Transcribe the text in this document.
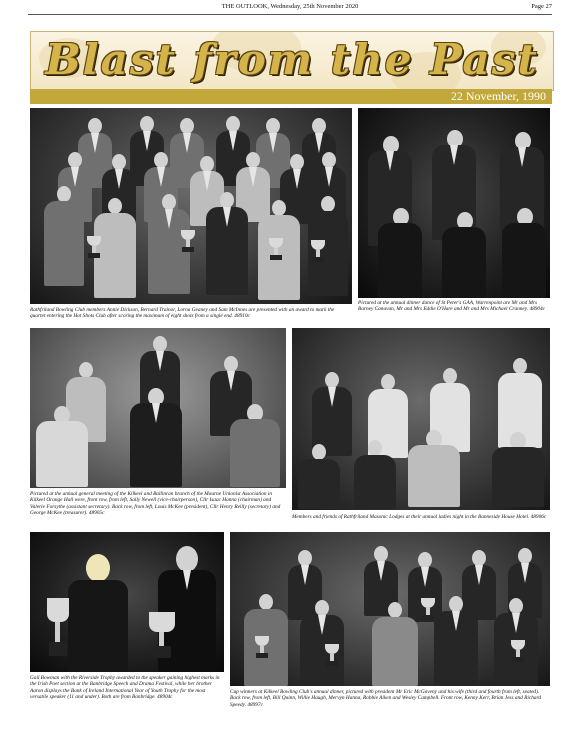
THE OUTLOOK, Wednesday, 25th November 2020	Page 27
Blast from the Past
22 November, 1990

Rathfriland Bowling Club members Annie Dickson, Bernard Trainor, Lorna Geaney and Sam McInnes are presented with an award to mark the quartet entering the Hot Shots Club after scoring the maximum of eight shots from a single end. 48910c

Pictured at the annual dinner dance of St Peter's GAA, Warrenpoint are Mr and Mrs Barney Canavan, Mr and Mrs Eddie O'Hare and Mr and Mrs Michael Cranney. 48904c

Pictured at the annual general meeting of the Kilkeel and Ballinran branch of the Mourne Unionist Association in Kilkeel Orange Hall were, front row, from left, Sally Newell (vice-chairperson), Cllr Isaac Hanna (chairman) and Valerie Forsythe (assistant secretary). Back row, from left, Louis McKee (president), Cllr Henry Reilly (secretary) and George McKee (treasurer). 48905c

Members and friends of Rathfriland Masonic Lodges at their annual ladies night in the Banneside House Hotel. 48906c

Gail Bowman with the Riverside Trophy awarded to the speaker gaining highest marks in the Irish Poet section at the Banbridge Speech and Drama Festival, while her brother Aaron displays the Bank of Ireland International Year of Youth Trophy for the most versatile speaker (11 and under). Both are from Banbridge. 48904c

Cup winners at Kilkeel Bowling Club's annual dinner, pictured with president Mr Eric McGaveny and his wife (third and fourth from left, seated). Back row, from left, Bill Quinn, Willie Haugh, Mervyn Hanna, Robbie Aiken and Wesley Campbell. Front row, Kenny Kerr, Brian Jess and Richard Speedy. 48997c
